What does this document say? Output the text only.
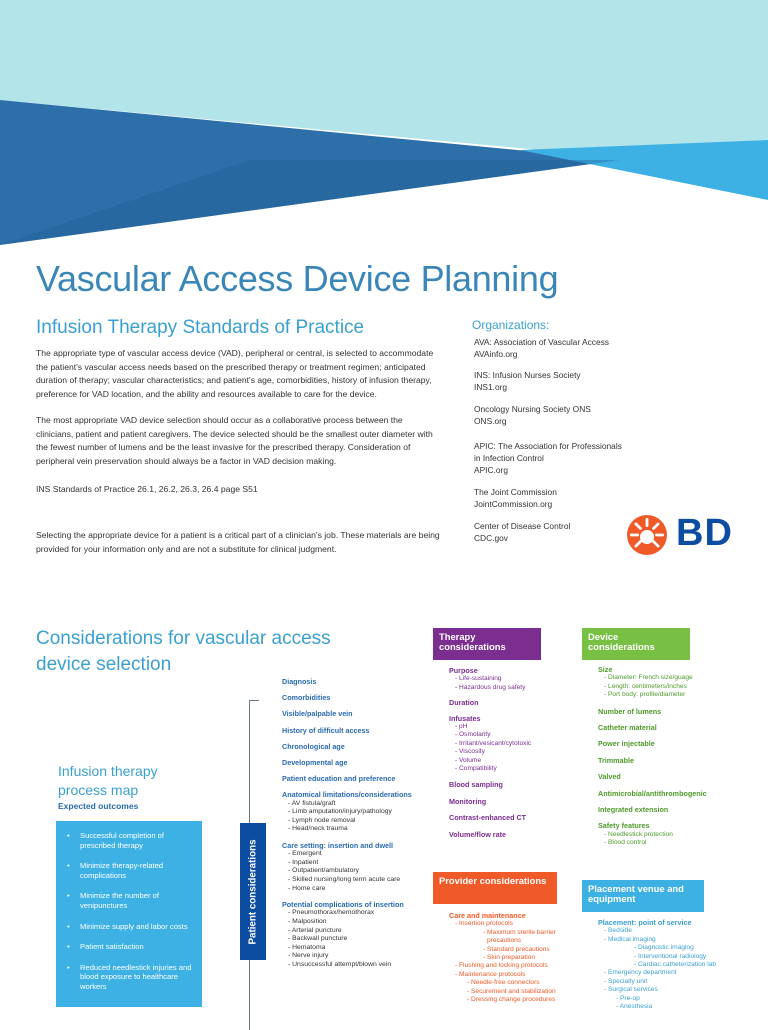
Vascular Access Device Planning
Infusion Therapy Standards of Practice
The appropriate type of vascular access device (VAD), peripheral or central, is selected to accommodate the patient's vascular access needs based on the prescribed therapy or treatment regimen; anticipated duration of therapy; vascular characteristics; and patient's age, comorbidities, history of infusion therapy, preference for VAD location, and the ability and resources available to care for the device.
The most appropriate VAD device selection should occur as a collaborative process between the clinicians, patient and patient caregivers. The device selected should be the smallest outer diameter with the fewest number of lumens and be the least invasive for the prescribed therapy. Consideration of peripheral vein preservation should always be a factor in VAD decision making.
INS Standards of Practice 26.1, 26.2, 26.3, 26.4 page S51
Selecting the appropriate device for a patient is a critical part of a clinician's job. These materials are being provided for your information only and are not a substitute for clinical judgment.
Organizations:
AVA: Association of Vascular Access
AVAinfo.org
INS: Infusion Nurses Society
INS1.org
Oncology Nursing Society ONS
ONS.org
APIC: The Association for Professionals
in Infection Control
APIC.org
The Joint Commission
JointCommission.org
Center of Disease Control
CDC.gov	BD
Considerations for vascular access device selection
Infusion therapy process map
Expected outcomes
• Successful completion of prescribed therapy
• Minimize therapy-related complications
• Minimize the number of venipunctures
• Minimize supply and labor costs
• Patient satisfaction
• Reduced needlestick injuries and blood exposure to healthcare workers
Patient considerations
Diagnosis
Comorbidities
Visible/palpable vein
History of difficult access
Chronological age
Developmental age
Patient education and preference
Anatomical limitations/considerations
- AV fistula/graft
- Limb amputation/injury/pathology
- Lymph node removal
- Head/neck trauma
Care setting: insertion and dwell
- Emergent
- Inpatient
- Outpatient/ambulatory
- Skilled nursing/long term acute care
- Home care
Potential complications of insertion
- Pneumothorax/hemothorax
- Malposition
- Arterial puncture
- Backwall puncture
- Hematoma
- Nerve injury
- Unsuccessful attempt/blown vein
Therapy considerations
Purpose
- Life-sustaining
- Hazardous drug safety
Duration
Infusates
- pH
- Osmolarity
- Irritant/vesicant/cytotoxic
- Viscosity
- Volume
- Compatibility
Blood sampling
Monitoring
Contrast-enhanced CT
Volume/flow rate
Device considerations
Size
- Diameter: French size/guage
- Length: centimeters/inches
- Port body: profile/diameter
Number of lumens
Catheter material
Power injectable
Trimmable
Valved
Antimicrobial/antithrombogenic
Integrated extension
Safety features
- Needlestick protection
- Blood control
Provider considerations
Care and maintenance
- Insertion protocols
- Maximum sterile barrier
precautions
- Standard precautions
- Skin preparation
- Flushing and locking protocols
- Maintenance protocols
- Needle-free connectors
- Securement and stabilization
- Dressing change procedures
Placement venue and equipment
Placement: point of service
- Bedside
- Medical imaging
- Diagnostic imaging
- Interventional radiology
- Cardiac catheterization lab
- Emergency department
- Specialty unit
- Surgical services
- Pre-op
- Anesthesia
